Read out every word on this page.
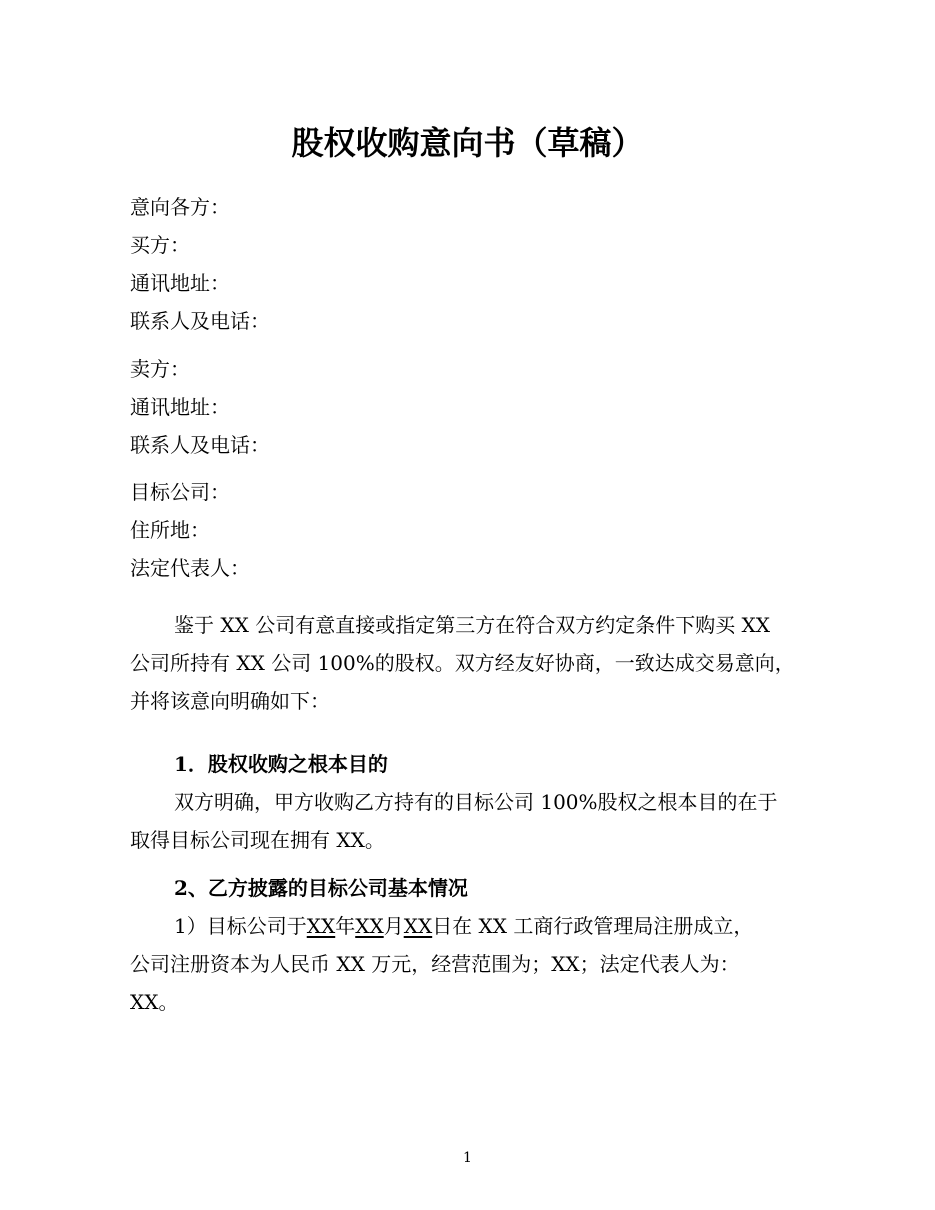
股权收购意向书（草稿）
意向各方：
买方：
通讯地址：
联系人及电话：
卖方：
通讯地址：
联系人及电话：
目标公司：
住所地：
法定代表人：
鉴于 XX 公司有意直接或指定第三方在符合双方约定条件下购买 XX
公司所持有 XX 公司 100%的股权。双方经友好协商，一致达成交易意向，
并将该意向明确如下：
1．股权收购之根本目的
双方明确，甲方收购乙方持有的目标公司 100%股权之根本目的在于
取得目标公司现在拥有 XX。
2、乙方披露的目标公司基本情况
1）目标公司于XX年XX月XX日在 XX 工商行政管理局注册成立，
公司注册资本为人民币 XX 万元，经营范围为；XX；法定代表人为：
XX。
1
